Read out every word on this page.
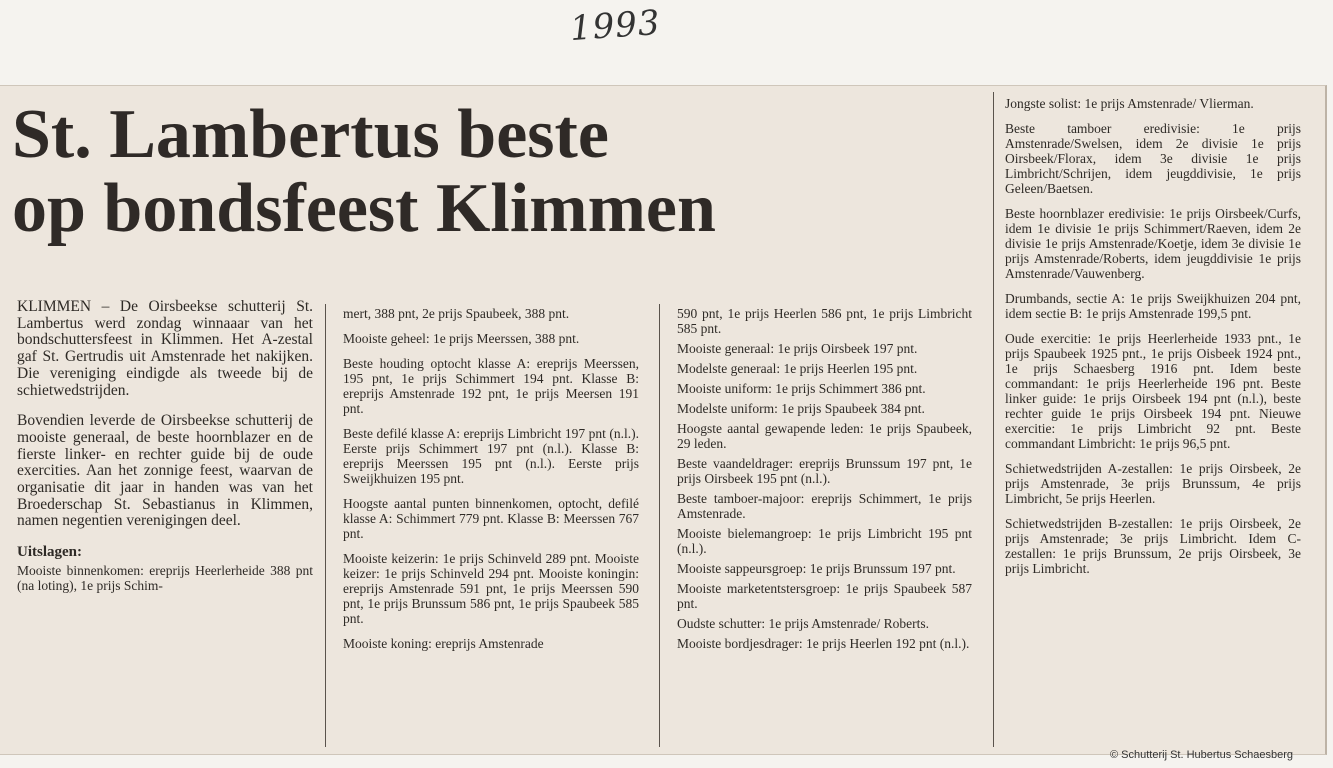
1993
St. Lambertus beste
op bondsfeest Klimmen

KLIMMEN – De Oirsbeekse schutterij St. Lambertus werd zondag winnaaar van het bondschuttersfeest in Klimmen. Het A-zestal gaf St. Gertrudis uit Amstenrade het nakijken. Die vereniging eindigde als tweede bij de schietwedstrijden.

Bovendien leverde de Oirsbeekse schutterij de mooiste generaal, de beste hoornblazer en de fierste linker- en rechter guide bij de oude exercities. Aan het zonnige feest, waarvan de organisatie dit jaar in handen was van het Broederschap St. Sebastianus in Klimmen, namen negentien verenigingen deel.

Uitslagen:

Mooiste binnenkomen: ereprijs Heerlerheide 388 pnt (na loting), 1e prijs Schim-

mert, 388 pnt, 2e prijs Spaubeek, 388 pnt.

Mooiste geheel: 1e prijs Meerssen, 388 pnt.

Beste houding optocht klasse A: ereprijs Meerssen, 195 pnt, 1e prijs Schimmert 194 pnt. Klasse B: ereprijs Amstenrade 192 pnt, 1e prijs Meersen 191 pnt.

Beste defilé klasse A: ereprijs Limbricht 197 pnt (n.l.). Eerste prijs Schimmert 197 pnt (n.l.). Klasse B: ereprijs Meerssen 195 pnt (n.l.). Eerste prijs Sweijkhuizen 195 pnt.

Hoogste aantal punten binnenkomen, optocht, defilé klasse A: Schimmert 779 pnt. Klasse B: Meerssen 767 pnt.

Mooiste keizerin: 1e prijs Schinveld 289 pnt. Mooiste keizer: 1e prijs Schinveld 294 pnt. Mooiste koningin: ereprijs Amstenrade 591 pnt, 1e prijs Meerssen 590 pnt, 1e prijs Brunssum 586 pnt, 1e prijs Spaubeek 585 pnt.

Mooiste koning: ereprijs Amstenrade

590 pnt, 1e prijs Heerlen 586 pnt, 1e prijs Limbricht 585 pnt.

Mooiste generaal: 1e prijs Oirsbeek 197 pnt.

Modelste generaal: 1e prijs Heerlen 195 pnt.

Mooiste uniform: 1e prijs Schimmert 386 pnt.

Modelste uniform: 1e prijs Spaubeek 384 pnt.

Hoogste aantal gewapende leden: 1e prijs Spaubeek, 29 leden.

Beste vaandeldrager: ereprijs Brunssum 197 pnt, 1e prijs Oirsbeek 195 pnt (n.l.).

Beste tamboer-majoor: ereprijs Schimmert, 1e prijs Amstenrade.

Mooiste bielemangroep: 1e prijs Limbricht 195 pnt (n.l.).

Mooiste sappeursgroep: 1e prijs Brunssum 197 pnt.

Mooiste marketentstersgroep: 1e prijs Spaubeek 587 pnt.

Oudste schutter: 1e prijs Amstenrade/ Roberts.

Mooiste bordjesdrager: 1e prijs Heerlen 192 pnt (n.l.).

Jongste solist: 1e prijs Amstenrade/ Vlierman.

Beste tamboer eredivisie: 1e prijs Amstenrade/Swelsen, idem 2e divisie 1e prijs Oirsbeek/Florax, idem 3e divisie 1e prijs Limbricht/Schrijen, idem jeugddivisie, 1e prijs Geleen/Baetsen.

Beste hoornblazer eredivisie: 1e prijs Oirsbeek/Curfs, idem 1e divisie 1e prijs Schimmert/Raeven, idem 2e divisie 1e prijs Amstenrade/Koetje, idem 3e divisie 1e prijs Amstenrade/Roberts, idem jeugddivisie 1e prijs Amstenrade/Vauwenberg.

Drumbands, sectie A: 1e prijs Sweijkhuizen 204 pnt, idem sectie B: 1e prijs Amstenrade 199,5 pnt.

Oude exercitie: 1e prijs Heerlerheide 1933 pnt., 1e prijs Spaubeek 1925 pnt., 1e prijs Oisbeek 1924 pnt., 1e prijs Schaesberg 1916 pnt. Idem beste commandant: 1e prijs Heerlerheide 196 pnt. Beste linker guide: 1e prijs Oirsbeek 194 pnt (n.l.), beste rechter guide 1e prijs Oirsbeek 194 pnt. Nieuwe exercitie: 1e prijs Limbricht 92 pnt. Beste commandant Limbricht: 1e prijs 96,5 pnt.

Schietwedstrijden A-zestallen: 1e prijs Oirsbeek, 2e prijs Amstenrade, 3e prijs Brunssum, 4e prijs Limbricht, 5e prijs Heerlen.

Schietwedstrijden B-zestallen: 1e prijs Oirsbeek, 2e prijs Amstenrade; 3e prijs Limbricht. Idem C-zestallen: 1e prijs Brunssum, 2e prijs Oirsbeek, 3e prijs Limbricht.

© Schutterij St. Hubertus Schaesberg
